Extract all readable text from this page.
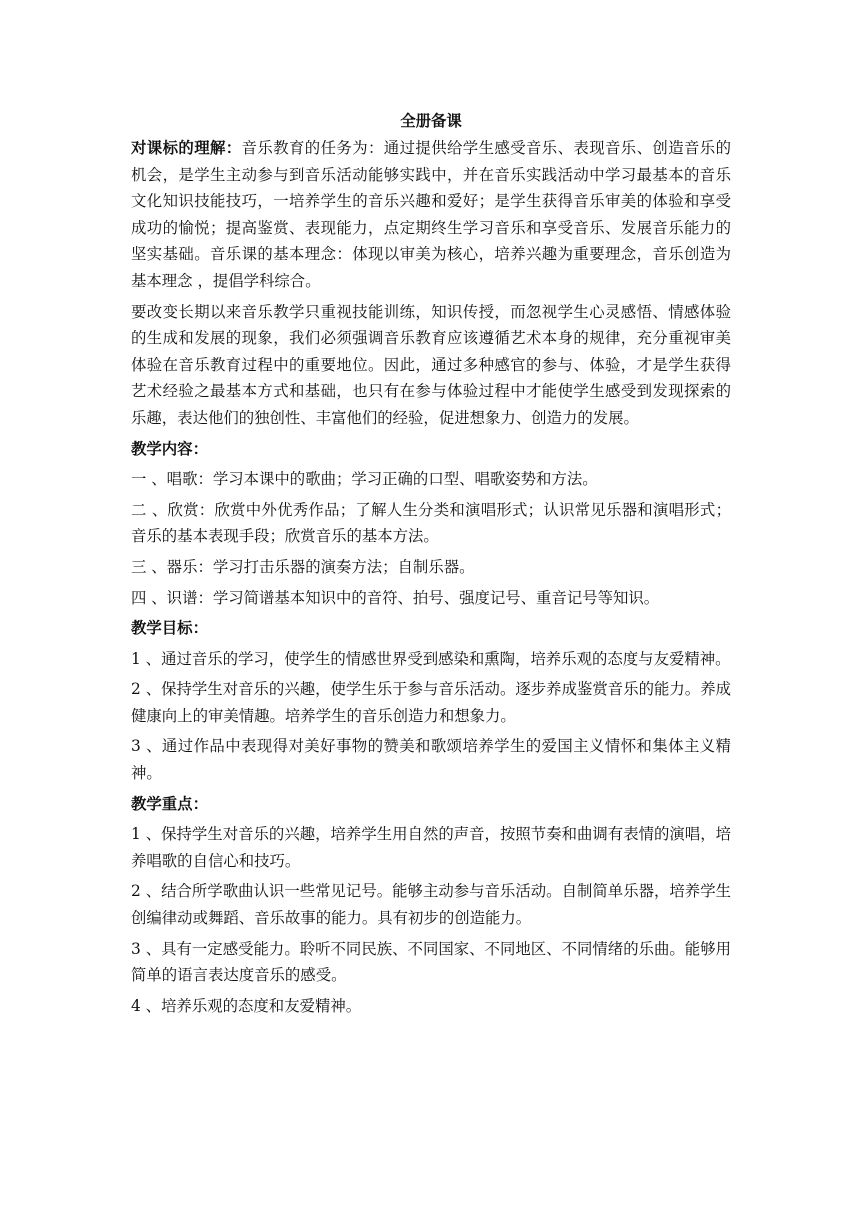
全册备课

对课标的理解：音乐教育的任务为：通过提供给学生感受音乐、表现音乐、创造音乐的机会，是学生主动参与到音乐活动能够实践中，并在音乐实践活动中学习最基本的音乐文化知识技能技巧，一培养学生的音乐兴趣和爱好；是学生获得音乐审美的体验和享受成功的愉悦；提高鉴赏、表现能力，点定期终生学习音乐和享受音乐、发展音乐能力的坚实基础。音乐课的基本理念：体现以审美为核心，培养兴趣为重要理念，音乐创造为基本理念 ，提倡学科综合。

要改变长期以来音乐教学只重视技能训练，知识传授，而忽视学生心灵感悟、情感体验的生成和发展的现象，我们必须强调音乐教育应该遵循艺术本身的规律，充分重视审美体验在音乐教育过程中的重要地位。因此，通过多种感官的参与、体验，才是学生获得艺术经验之最基本方式和基础，也只有在参与体验过程中才能使学生感受到发现探索的乐趣，表达他们的独创性、丰富他们的经验，促进想象力、创造力的发展。

教学内容：

一 、唱歌：学习本课中的歌曲；学习正确的口型、唱歌姿势和方法。

二 、欣赏：欣赏中外优秀作品；了解人生分类和演唱形式；认识常见乐器和演唱形式；音乐的基本表现手段；欣赏音乐的基本方法。

三 、器乐：学习打击乐器的演奏方法；自制乐器。

四 、识谱：学习简谱基本知识中的音符、拍号、强度记号、重音记号等知识。

教学目标：

1 、通过音乐的学习，使学生的情感世界受到感染和熏陶，培养乐观的态度与友爱精神。

2 、保持学生对音乐的兴趣，使学生乐于参与音乐活动。逐步养成鉴赏音乐的能力。养成健康向上的审美情趣。培养学生的音乐创造力和想象力。

3 、通过作品中表现得对美好事物的赞美和歌颂培养学生的爱国主义情怀和集体主义精神。

教学重点：

1 、保持学生对音乐的兴趣，培养学生用自然的声音，按照节奏和曲调有表情的演唱，培养唱歌的自信心和技巧。

2 、结合所学歌曲认识一些常见记号。能够主动参与音乐活动。自制简单乐器，培养学生创编律动或舞蹈、音乐故事的能力。具有初步的创造能力。

3 、具有一定感受能力。聆听不同民族、不同国家、不同地区、不同情绪的乐曲。能够用简单的语言表达度音乐的感受。

4 、培养乐观的态度和友爱精神。
